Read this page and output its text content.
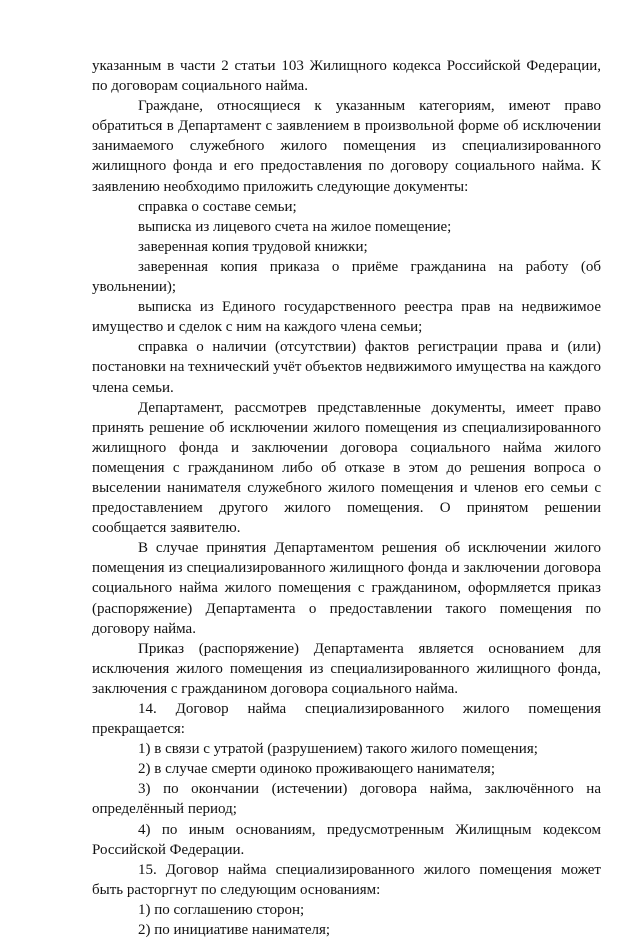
указанным в части 2 статьи 103 Жилищного кодекса Российской Федерации, по договорам социального найма.

Граждане, относящиеся к указанным категориям, имеют право обратиться в Департамент с заявлением в произвольной форме об исключении занимаемого служебного жилого помещения из специализированного жилищного фонда и его предоставления по договору социального найма. К заявлению необходимо приложить следующие документы:

справка о составе семьи;

выписка из лицевого счета на жилое помещение;

заверенная копия трудовой книжки;

заверенная копия приказа о приёме гражданина на работу (об увольнении);

выписка из Единого государственного реестра прав на недвижимое имущество и сделок с ним на каждого члена семьи;

справка о наличии (отсутствии) фактов регистрации права и (или) постановки на технический учёт объектов недвижимого имущества на каждого члена семьи.

Департамент, рассмотрев представленные документы, имеет право принять решение об исключении жилого помещения из специализированного жилищного фонда и заключении договора социального найма жилого помещения с гражданином либо об отказе в этом до решения вопроса о выселении нанимателя служебного жилого помещения и членов его семьи с предоставлением другого жилого помещения. О принятом решении сообщается заявителю.

В случае принятия Департаментом решения об исключении жилого помещения из специализированного жилищного фонда и заключении договора социального найма жилого помещения с гражданином, оформляется приказ (распоряжение) Департамента о предоставлении такого помещения по договору найма.

Приказ (распоряжение) Департамента является основанием для исключения жилого помещения из специализированного жилищного фонда, заключения с гражданином договора социального найма.

14. Договор найма специализированного жилого помещения прекращается:

1) в связи с утратой (разрушением) такого жилого помещения;

2) в случае смерти одиноко проживающего нанимателя;

3) по окончании (истечении) договора найма, заключённого на определённый период;

4) по иным основаниям, предусмотренным Жилищным кодексом Российской Федерации.

15. Договор найма специализированного жилого помещения может быть расторгнут по следующим основаниям:

1) по соглашению сторон;

2) по инициативе нанимателя;
